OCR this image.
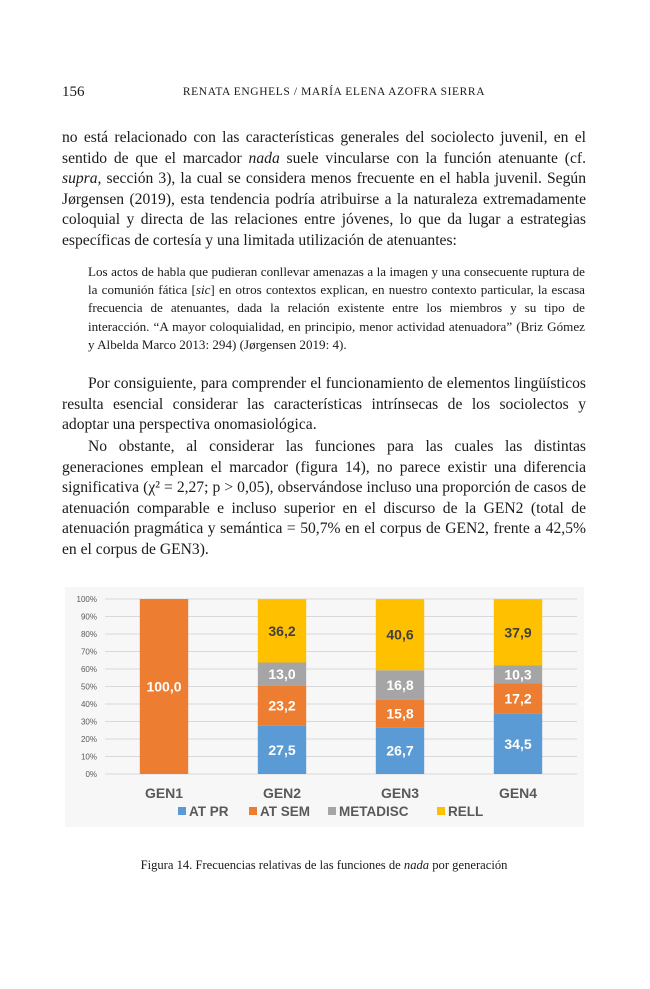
156	RENATA ENGHELS / MARÍA ELENA AZOFRA SIERRA

no está relacionado con las características generales del sociolecto juvenil, en el sentido de que el marcador nada suele vincularse con la función atenuante (cf. supra, sección 3), la cual se considera menos frecuente en el habla juvenil. Según Jørgensen (2019), esta tendencia podría atribuirse a la naturaleza extremadamente coloquial y directa de las relaciones entre jóvenes, lo que da lugar a estrategias específicas de cortesía y una limitada utilización de atenuantes:

Los actos de habla que pudieran conllevar amenazas a la imagen y una consecuente ruptura de la comunión fática [sic] en otros contextos explican, en nuestro contexto particular, la escasa frecuencia de atenuantes, dada la relación existente entre los miembros y su tipo de interacción. “A mayor coloquialidad, en principio, menor actividad atenuadora” (Briz Gómez y Albelda Marco 2013: 294) (Jørgensen 2019: 4).

Por consiguiente, para comprender el funcionamiento de elementos lingüísticos resulta esencial considerar las características intrínsecas de los sociolectos y adoptar una perspectiva onomasiológica.

No obstante, al considerar las funciones para las cuales las distintas generaciones emplean el marcador (figura 14), no parece existir una diferencia significativa (χ² = 2,27; p > 0,05), observándose incluso una proporción de casos de atenuación comparable e incluso superior en el discurso de la GEN2 (total de atenuación pragmática y semántica = 50,7% en el corpus de GEN2, frente a 42,5% en el corpus de GEN3).

0%
10%
20%
30%
40%
50%
60%
70%
80%
90%
100%
100,0
GEN1
27,5
23,2
13,0
36,2
GEN2
26,7
15,8
16,8
40,6
GEN3
34,5
17,2
10,3
37,9
GEN4
AT PR AT SEM METADISC	RELL
Figura 14. Frecuencias relativas de las funciones de nada por generación
